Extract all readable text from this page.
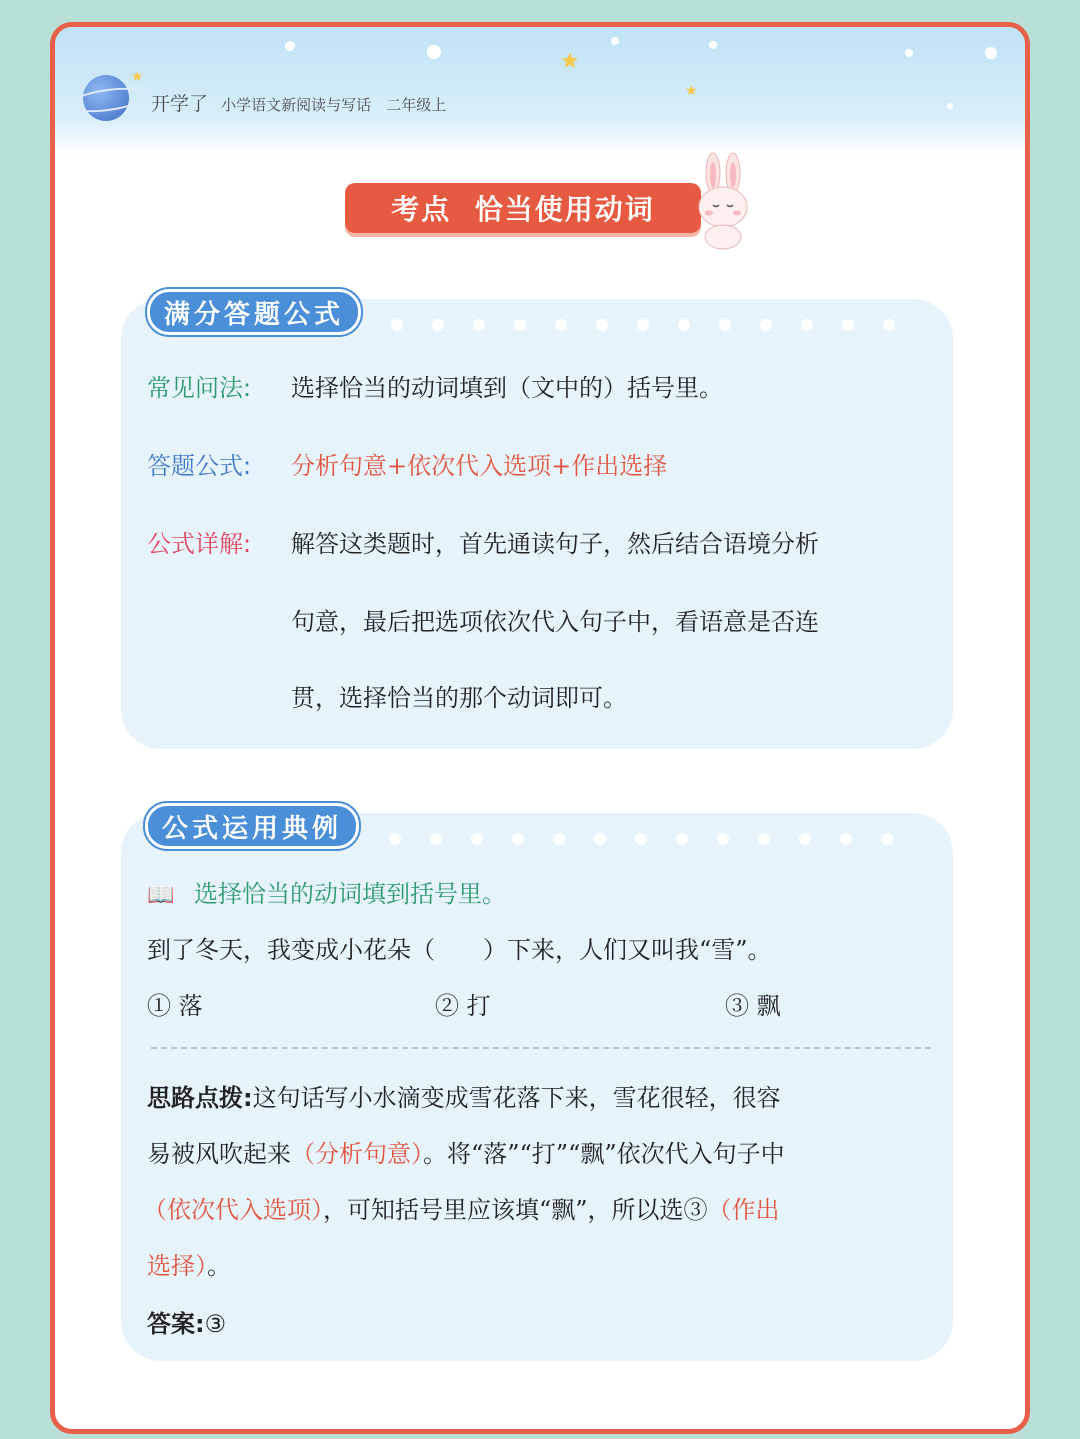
★
★
★
开学了 小学语文新阅读与写话 二年级上
考点  恰当使用动词
满分答题公式
常见问法: 选择恰当的动词填到（文中的）括号里。
答题公式: 分析句意+依次代入选项+作出选择
公式详解: 解答这类题时，首先通读句子，然后结合语境分析
句意，最后把选项依次代入句子中，看语意是否连
贯，选择恰当的那个动词即可。
公式运用典例
📖 选择恰当的动词填到括号里。
到了冬天，我变成小花朵（　　）下来，人们又叫我“雪”。
① 落	② 打	③ 飘
思路点拨:这句话写小水滴变成雪花落下来，雪花很轻，很容
易被风吹起来（分析句意）。将“落”“打”“飘”依次代入句子中
（依次代入选项），可知括号里应该填“飘”，所以选③（作出
选择）。
答案:③
